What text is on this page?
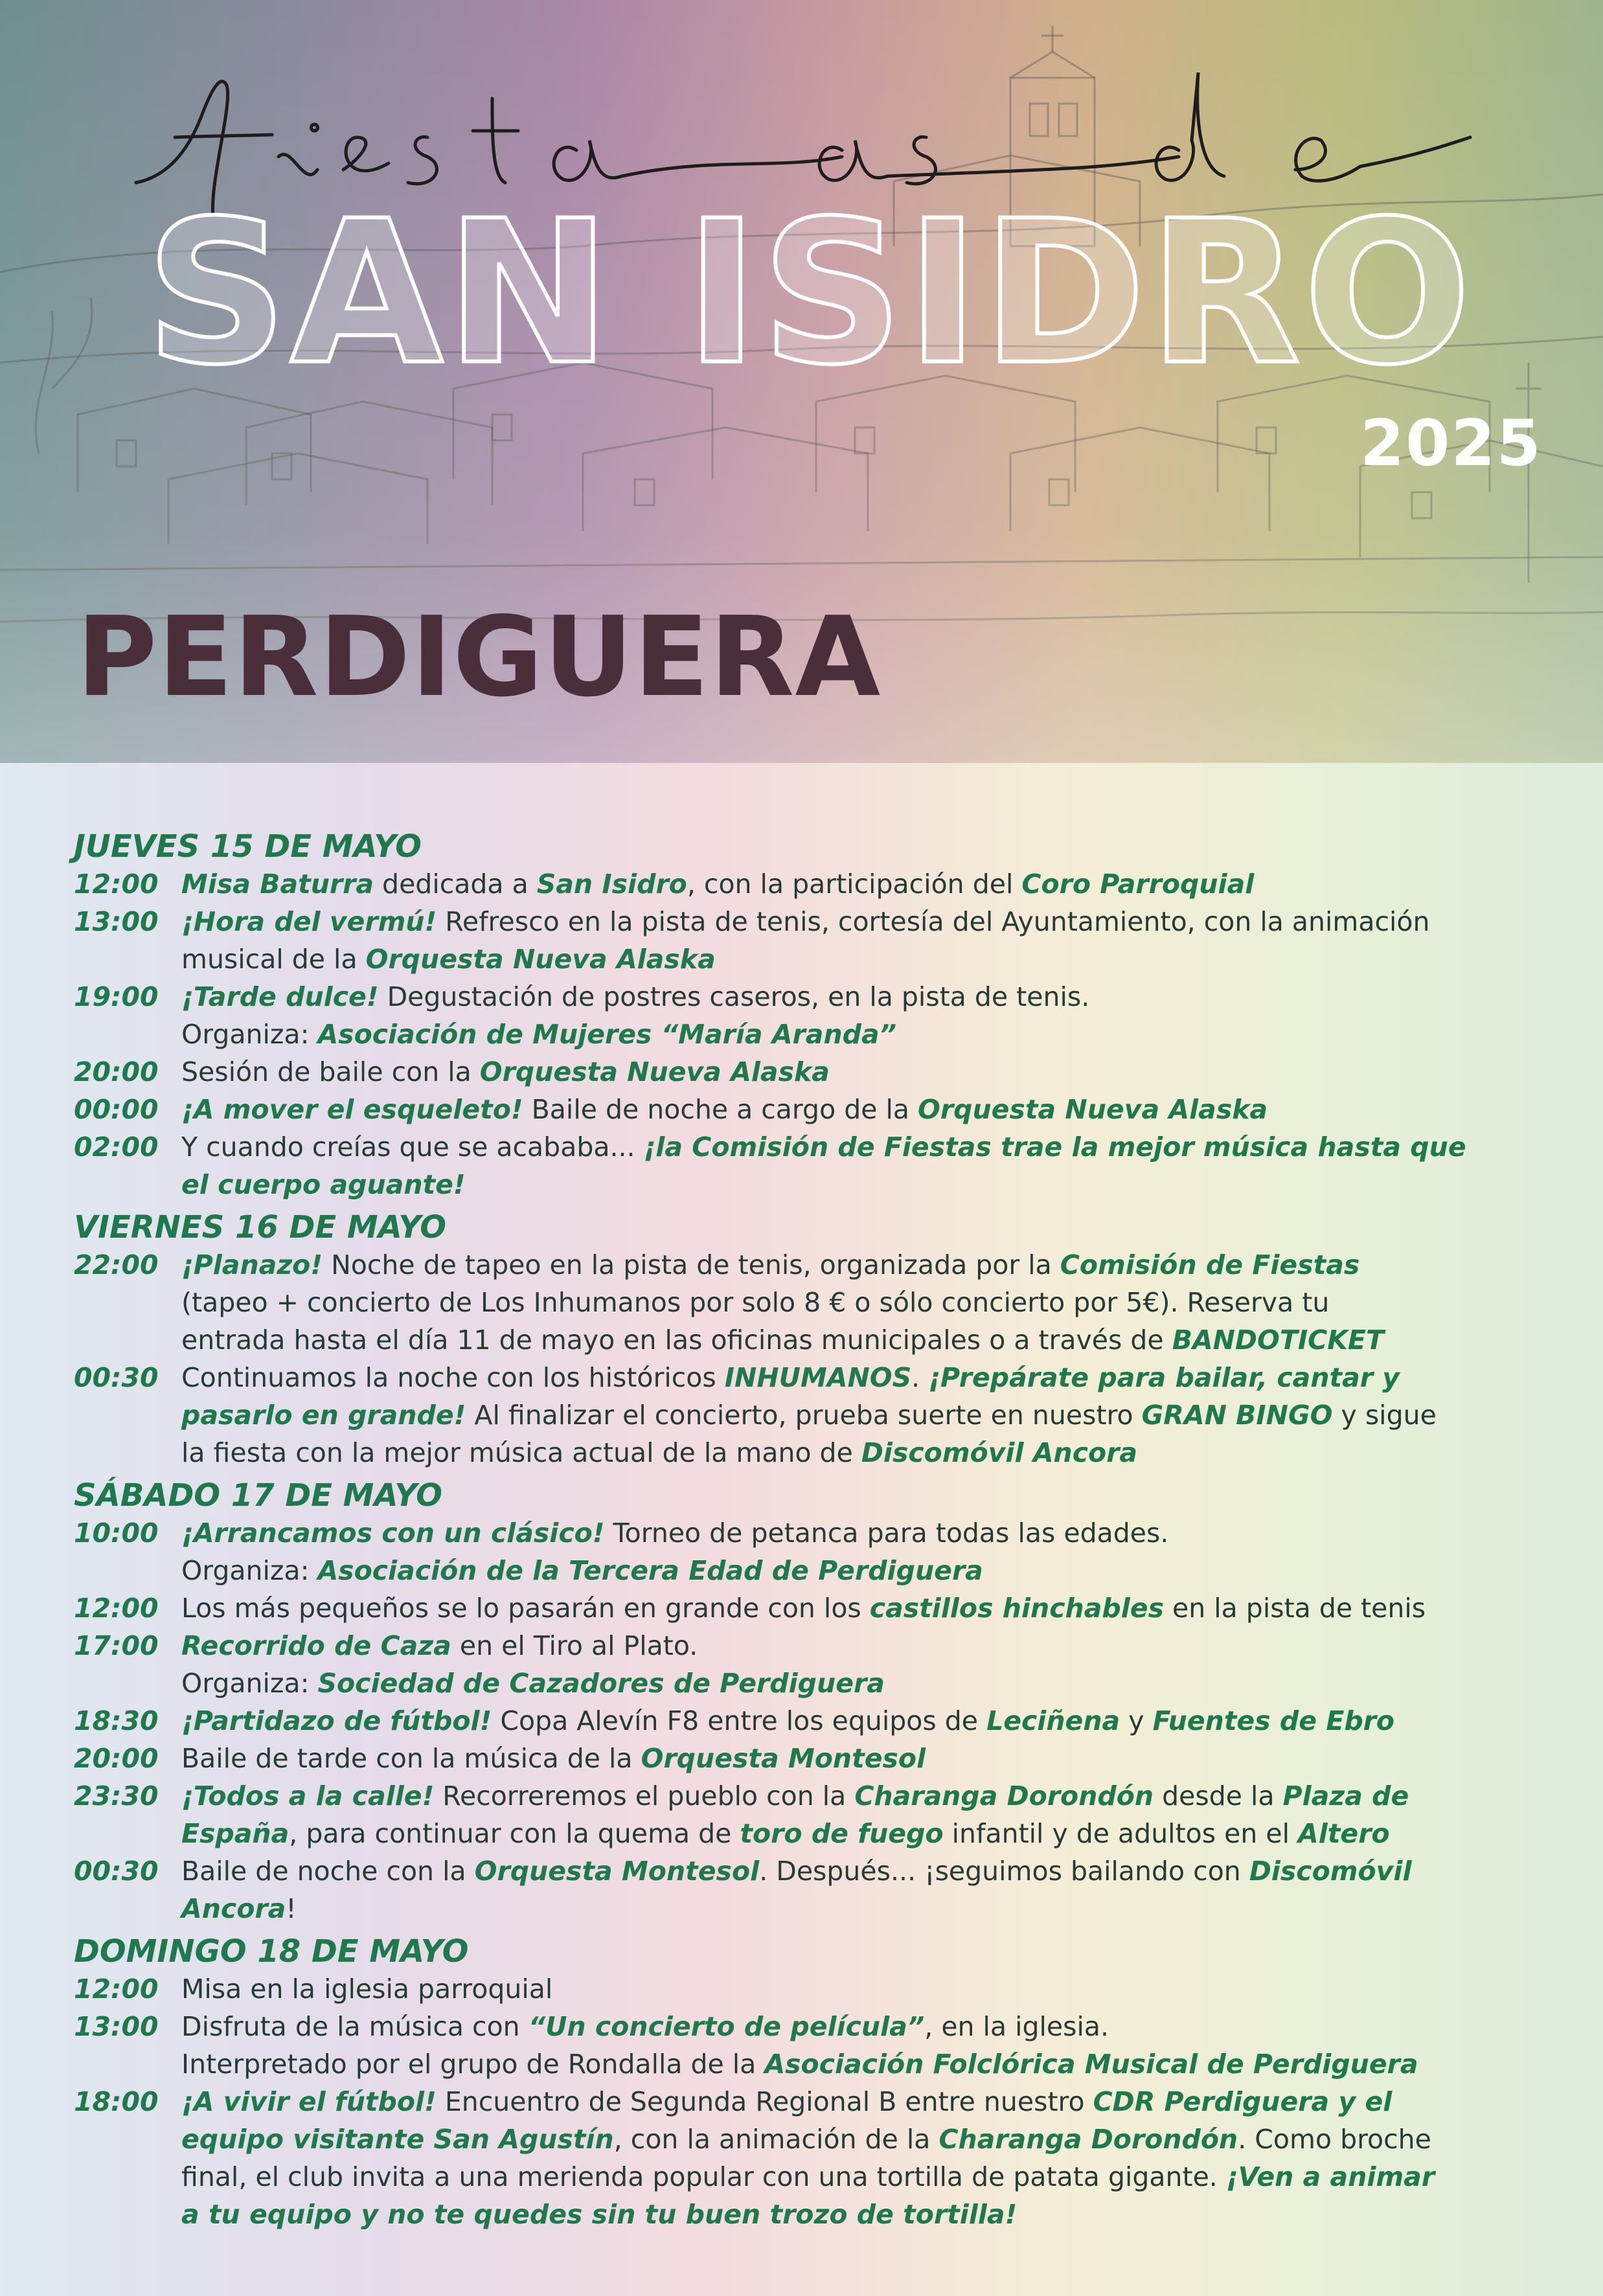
SAN ISIDRO
2025
PERDIGUERA
JUEVES 15 DE MAYO
12:00 Misa Baturra dedicada a San Isidro, con la participación del Coro Parroquial
13:00 ¡Hora del vermú! Refresco en la pista de tenis, cortesía del Ayuntamiento, con la animación
musical de la Orquesta Nueva Alaska
19:00 ¡Tarde dulce! Degustación de postres caseros, en la pista de tenis.
Organiza: Asociación de Mujeres “María Aranda”
20:00 Sesión de baile con la Orquesta Nueva Alaska
00:00 ¡A mover el esqueleto! Baile de noche a cargo de la Orquesta Nueva Alaska
02:00 Y cuando creías que se acababa... ¡la Comisión de Fiestas trae la mejor música hasta que
el cuerpo aguante!
VIERNES 16 DE MAYO
22:00 ¡Planazo! Noche de tapeo en la pista de tenis, organizada por la Comisión de Fiestas
(tapeo + concierto de Los Inhumanos por solo 8 € o sólo concierto por 5€). Reserva tu
entrada hasta el día 11 de mayo en las oficinas municipales o a través de BANDOTICKET
00:30 Continuamos la noche con los históricos INHUMANOS. ¡Prepárate para bailar, cantar y
pasarlo en grande! Al finalizar el concierto, prueba suerte en nuestro GRAN BINGO y sigue
la fiesta con la mejor música actual de la mano de Discomóvil Ancora
SÁBADO 17 DE MAYO
10:00 ¡Arrancamos con un clásico! Torneo de petanca para todas las edades.
Organiza: Asociación de la Tercera Edad de Perdiguera
12:00 Los más pequeños se lo pasarán en grande con los castillos hinchables en la pista de tenis
17:00 Recorrido de Caza en el Tiro al Plato.
Organiza: Sociedad de Cazadores de Perdiguera
18:30 ¡Partidazo de fútbol! Copa Alevín F8 entre los equipos de Leciñena y Fuentes de Ebro
20:00 Baile de tarde con la música de la Orquesta Montesol
23:30 ¡Todos a la calle! Recorreremos el pueblo con la Charanga Dorondón desde la Plaza de
España, para continuar con la quema de toro de fuego infantil y de adultos en el Altero
00:30 Baile de noche con la Orquesta Montesol. Después... ¡seguimos bailando con Discomóvil
Ancora!
DOMINGO 18 DE MAYO
12:00 Misa en la iglesia parroquial
13:00 Disfruta de la música con “Un concierto de película”, en la iglesia.
Interpretado por el grupo de Rondalla de la Asociación Folclórica Musical de Perdiguera
18:00 ¡A vivir el fútbol! Encuentro de Segunda Regional B entre nuestro CDR Perdiguera y el
equipo visitante San Agustín, con la animación de la Charanga Dorondón. Como broche
final, el club invita a una merienda popular con una tortilla de patata gigante. ¡Ven a animar
a tu equipo y no te quedes sin tu buen trozo de tortilla!
